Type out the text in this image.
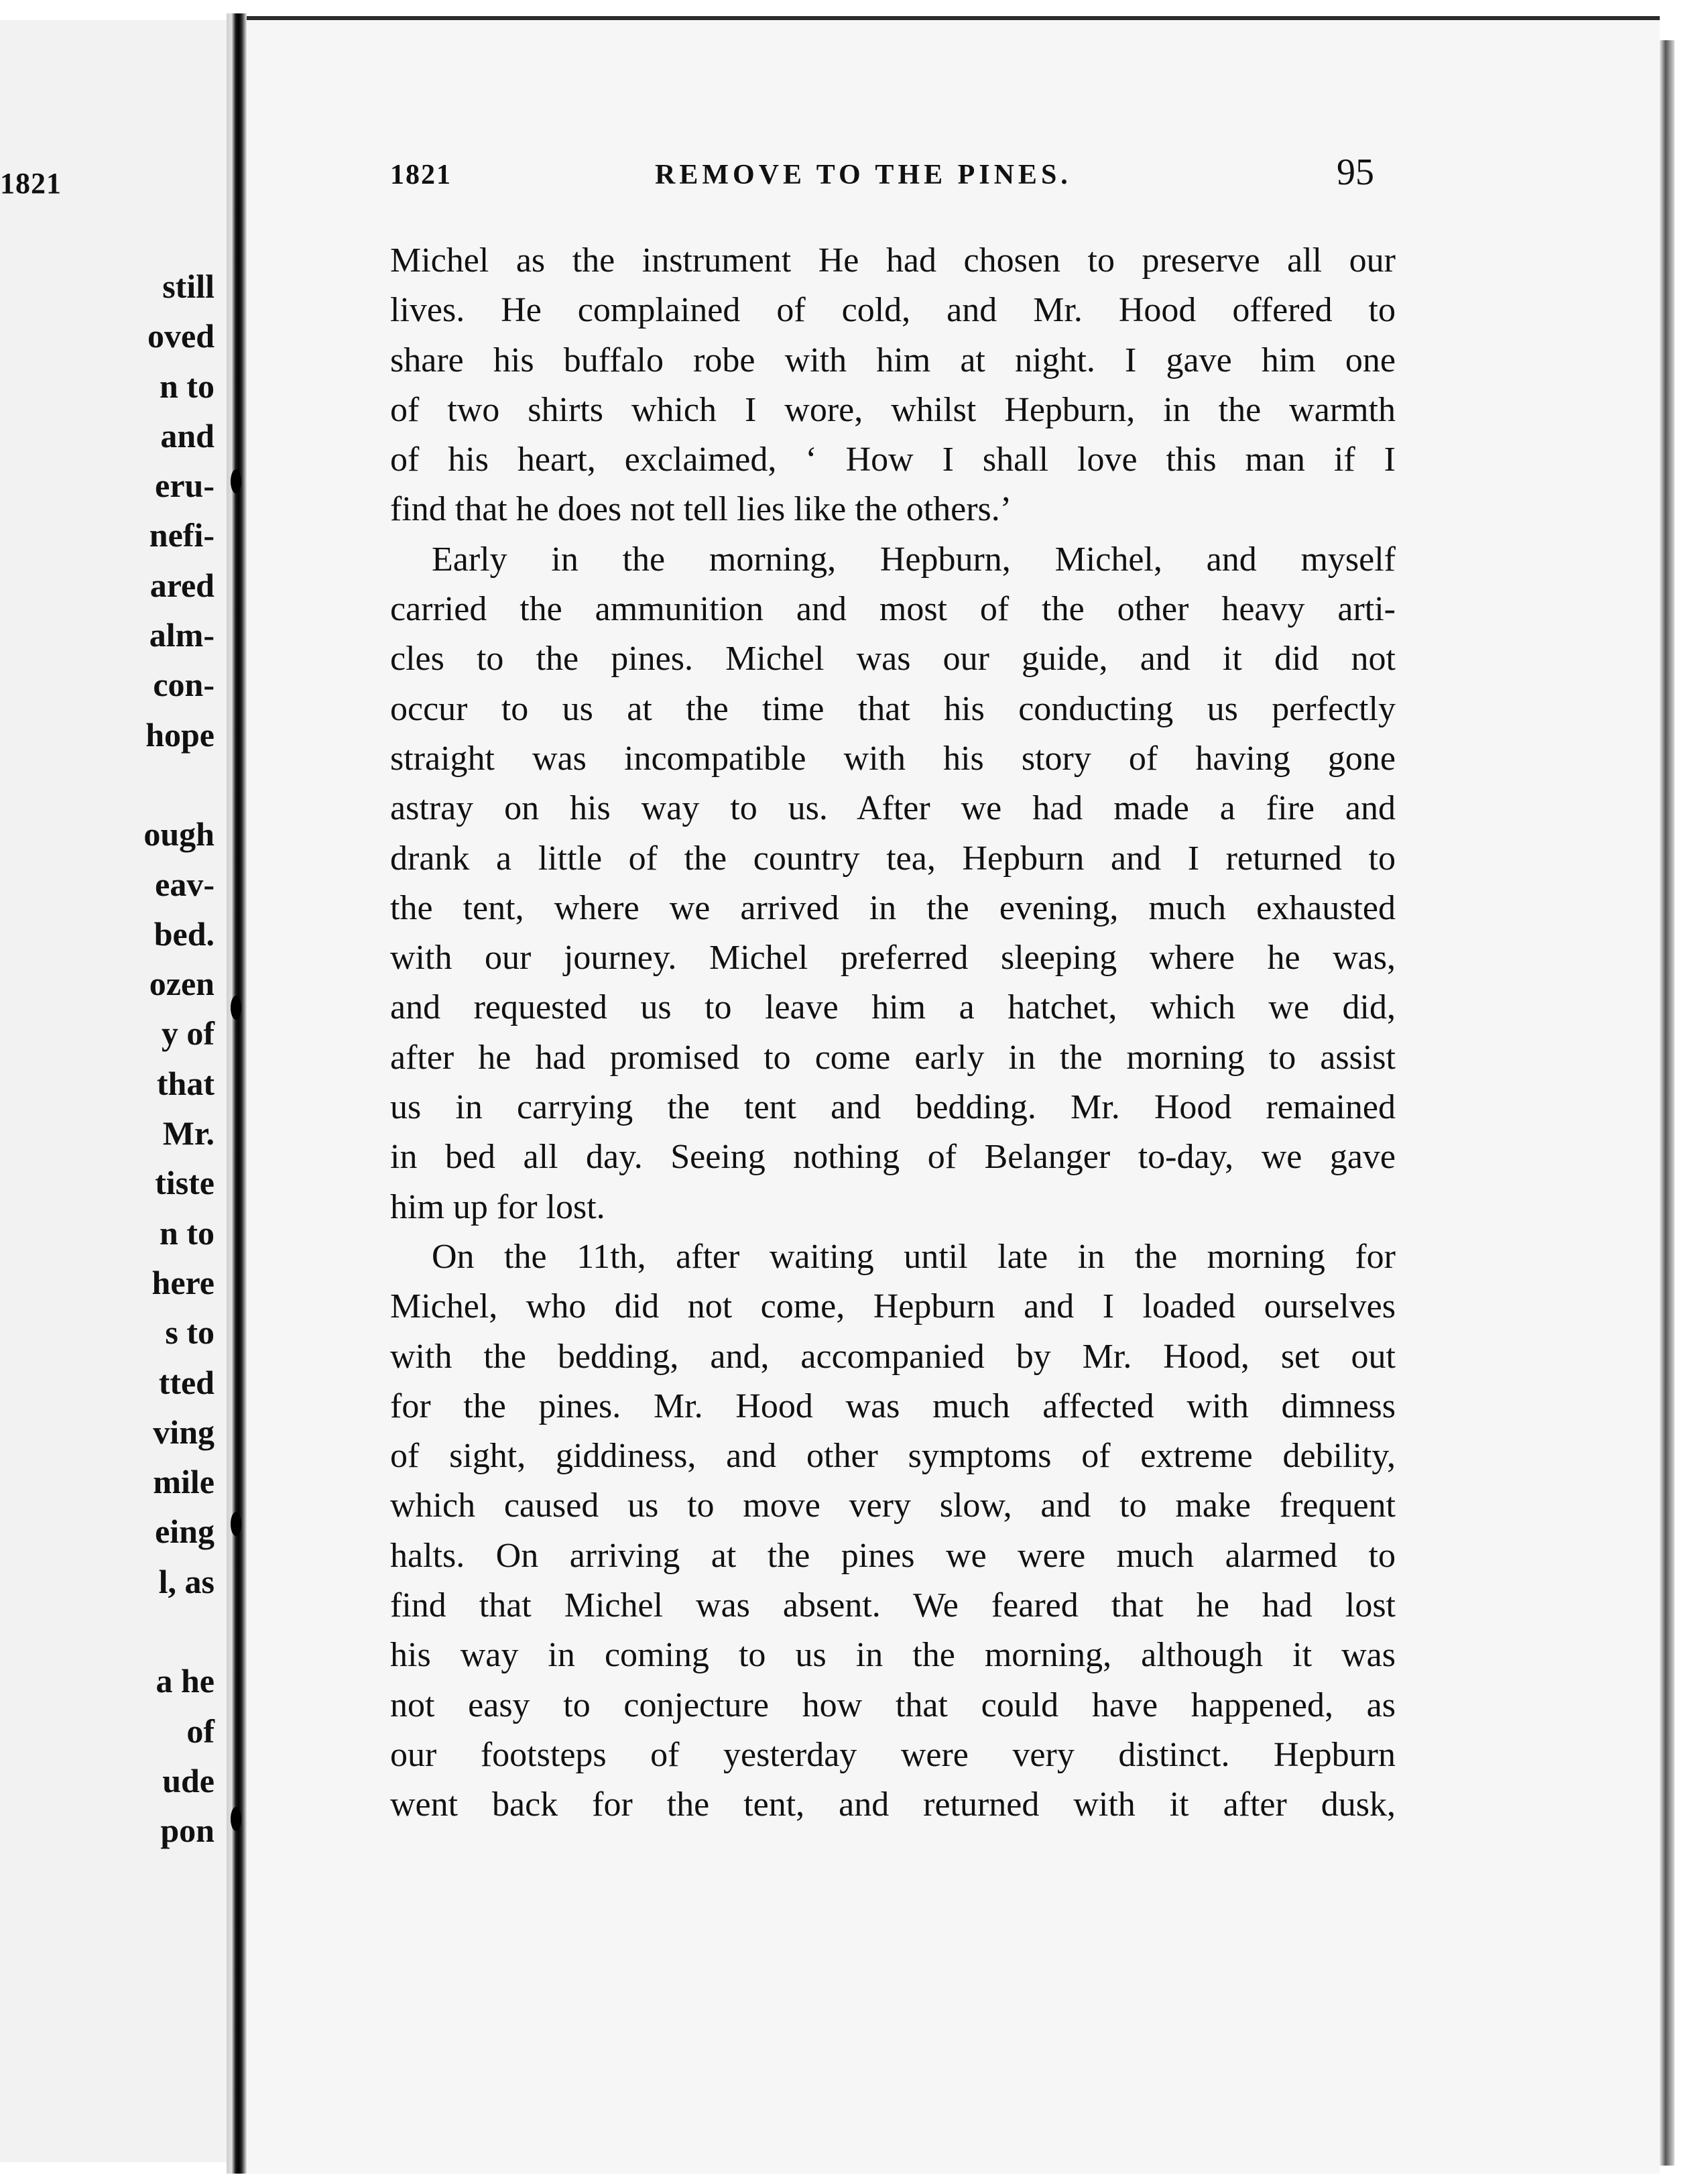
1821
still
oved
n to
and
eru-
nefi-
ared
alm-
con-
hope
ough
eav-
bed.
ozen
y of
that
Mr.
tiste
n to
here
s to
tted
ving
mile
eing
l, as
a he
of
ude
pon
1821	REMOVE TO THE PINES.	95
Michel as the instrument He had chosen to preserve all our
lives. He complained of cold, and Mr. Hood offered to
share his buffalo robe with him at night. I gave him one
of two shirts which I wore, whilst Hepburn, in the warmth
of his heart, exclaimed, ‘ How I shall love this man if I
find that he does not tell lies like the others.’
Early in the morning, Hepburn, Michel, and myself
carried the ammunition and most of the other heavy arti-
cles to the pines. Michel was our guide, and it did not
occur to us at the time that his conducting us perfectly
straight was incompatible with his story of having gone
astray on his way to us. After we had made a fire and
drank a little of the country tea, Hepburn and I returned to
the tent, where we arrived in the evening, much exhausted
with our journey. Michel preferred sleeping where he was,
and requested us to leave him a hatchet, which we did,
after he had promised to come early in the morning to assist
us in carrying the tent and bedding. Mr. Hood remained
in bed all day. Seeing nothing of Belanger to-day, we gave
him up for lost.
On the 11th, after waiting until late in the morning for
Michel, who did not come, Hepburn and I loaded ourselves
with the bedding, and, accompanied by Mr. Hood, set out
for the pines. Mr. Hood was much affected with dimness
of sight, giddiness, and other symptoms of extreme debility,
which caused us to move very slow, and to make frequent
halts. On arriving at the pines we were much alarmed to
find that Michel was absent. We feared that he had lost
his way in coming to us in the morning, although it was
not easy to conjecture how that could have happened, as
our footsteps of yesterday were very distinct. Hepburn
went back for the tent, and returned with it after dusk,
